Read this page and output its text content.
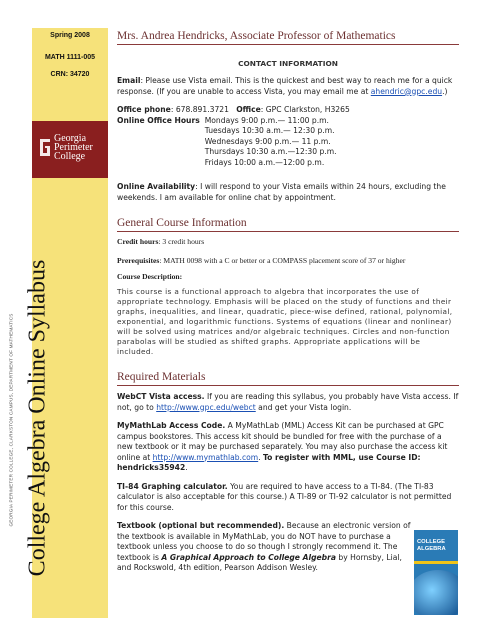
Spring 2008
MATH 1111-005
CRN: 34720
Georgia
Perimeter
College
GEORGIA PERIMETER COLLEGE, CLARKSTON CAMPUS, DEPARTMENT OF MATHEMATICS College Algebra Online Syllabus
Mrs. Andrea Hendricks, Associate Professor of Mathematics
CONTACT INFORMATION

Email: Please use Vista email. This is the quickest and best way to reach me for a quick response. (If you are unable to access Vista, you may email me at ahendric@gpc.edu.)

Office phone: 678.891.3721 Office: GPC Clarkston, H3265

Online Office Hours Mondays 9:00 p.m.— 11:00 p.m.
Tuesdays 10:30 a.m.— 12:30 p.m.
Wednesdays 9:00 p.m.— 11 p.m.
Thursdays 10:30 a.m.—12:30 p.m.
Fridays 10:00 a.m.—12:00 p.m.

Online Availability: I will respond to your Vista emails within 24 hours, excluding the weekends. I am available for online chat by appointment.

General Course Information

Credit hours: 3 credit hours

Prerequisites: MATH 0098 with a C or better or a COMPASS placement score of 37 or higher

Course Description:

This course is a functional approach to algebra that incorporates the use of appropriate technology. Emphasis will be placed on the study of functions and their graphs, inequalities, and linear, quadratic, piece-wise defined, rational, polynomial, exponential, and logarithmic functions. Systems of equations (linear and nonlinear) will be solved using matrices and/or algebraic techniques. Circles and non-function parabolas will be studied as shifted graphs. Appropriate applications will be included.

Required Materials

WebCT Vista access. If you are reading this syllabus, you probably have Vista access. If not, go to http://www.gpc.edu/webct and get your Vista login.

MyMathLab Access Code. A MyMathLab (MML) Access Kit can be purchased at GPC campus bookstores. This access kit should be bundled for free with the purchase of a new textbook or it may be purchased separately. You may also purchase the access kit online at http://www.mymathlab.com. To register with MML, use Course ID: hendricks35942.

TI-84 Graphing calculator. You are required to have access to a TI-84. (The TI-83 calculator is also acceptable for this course.) A TI-89 or TI-92 calculator is not permitted for this course.

Textbook (optional but recommended). Because an electronic version of the textbook is available in MyMathLab, you do NOT have to purchase a textbook unless you choose to do so though I strongly recommend it. The textbook is A Graphical Approach to College Algebra by Hornsby, Lial, and Rockswold, 4th edition, Pearson Addison Wesley.

COLLEGE
ALGEBRA
